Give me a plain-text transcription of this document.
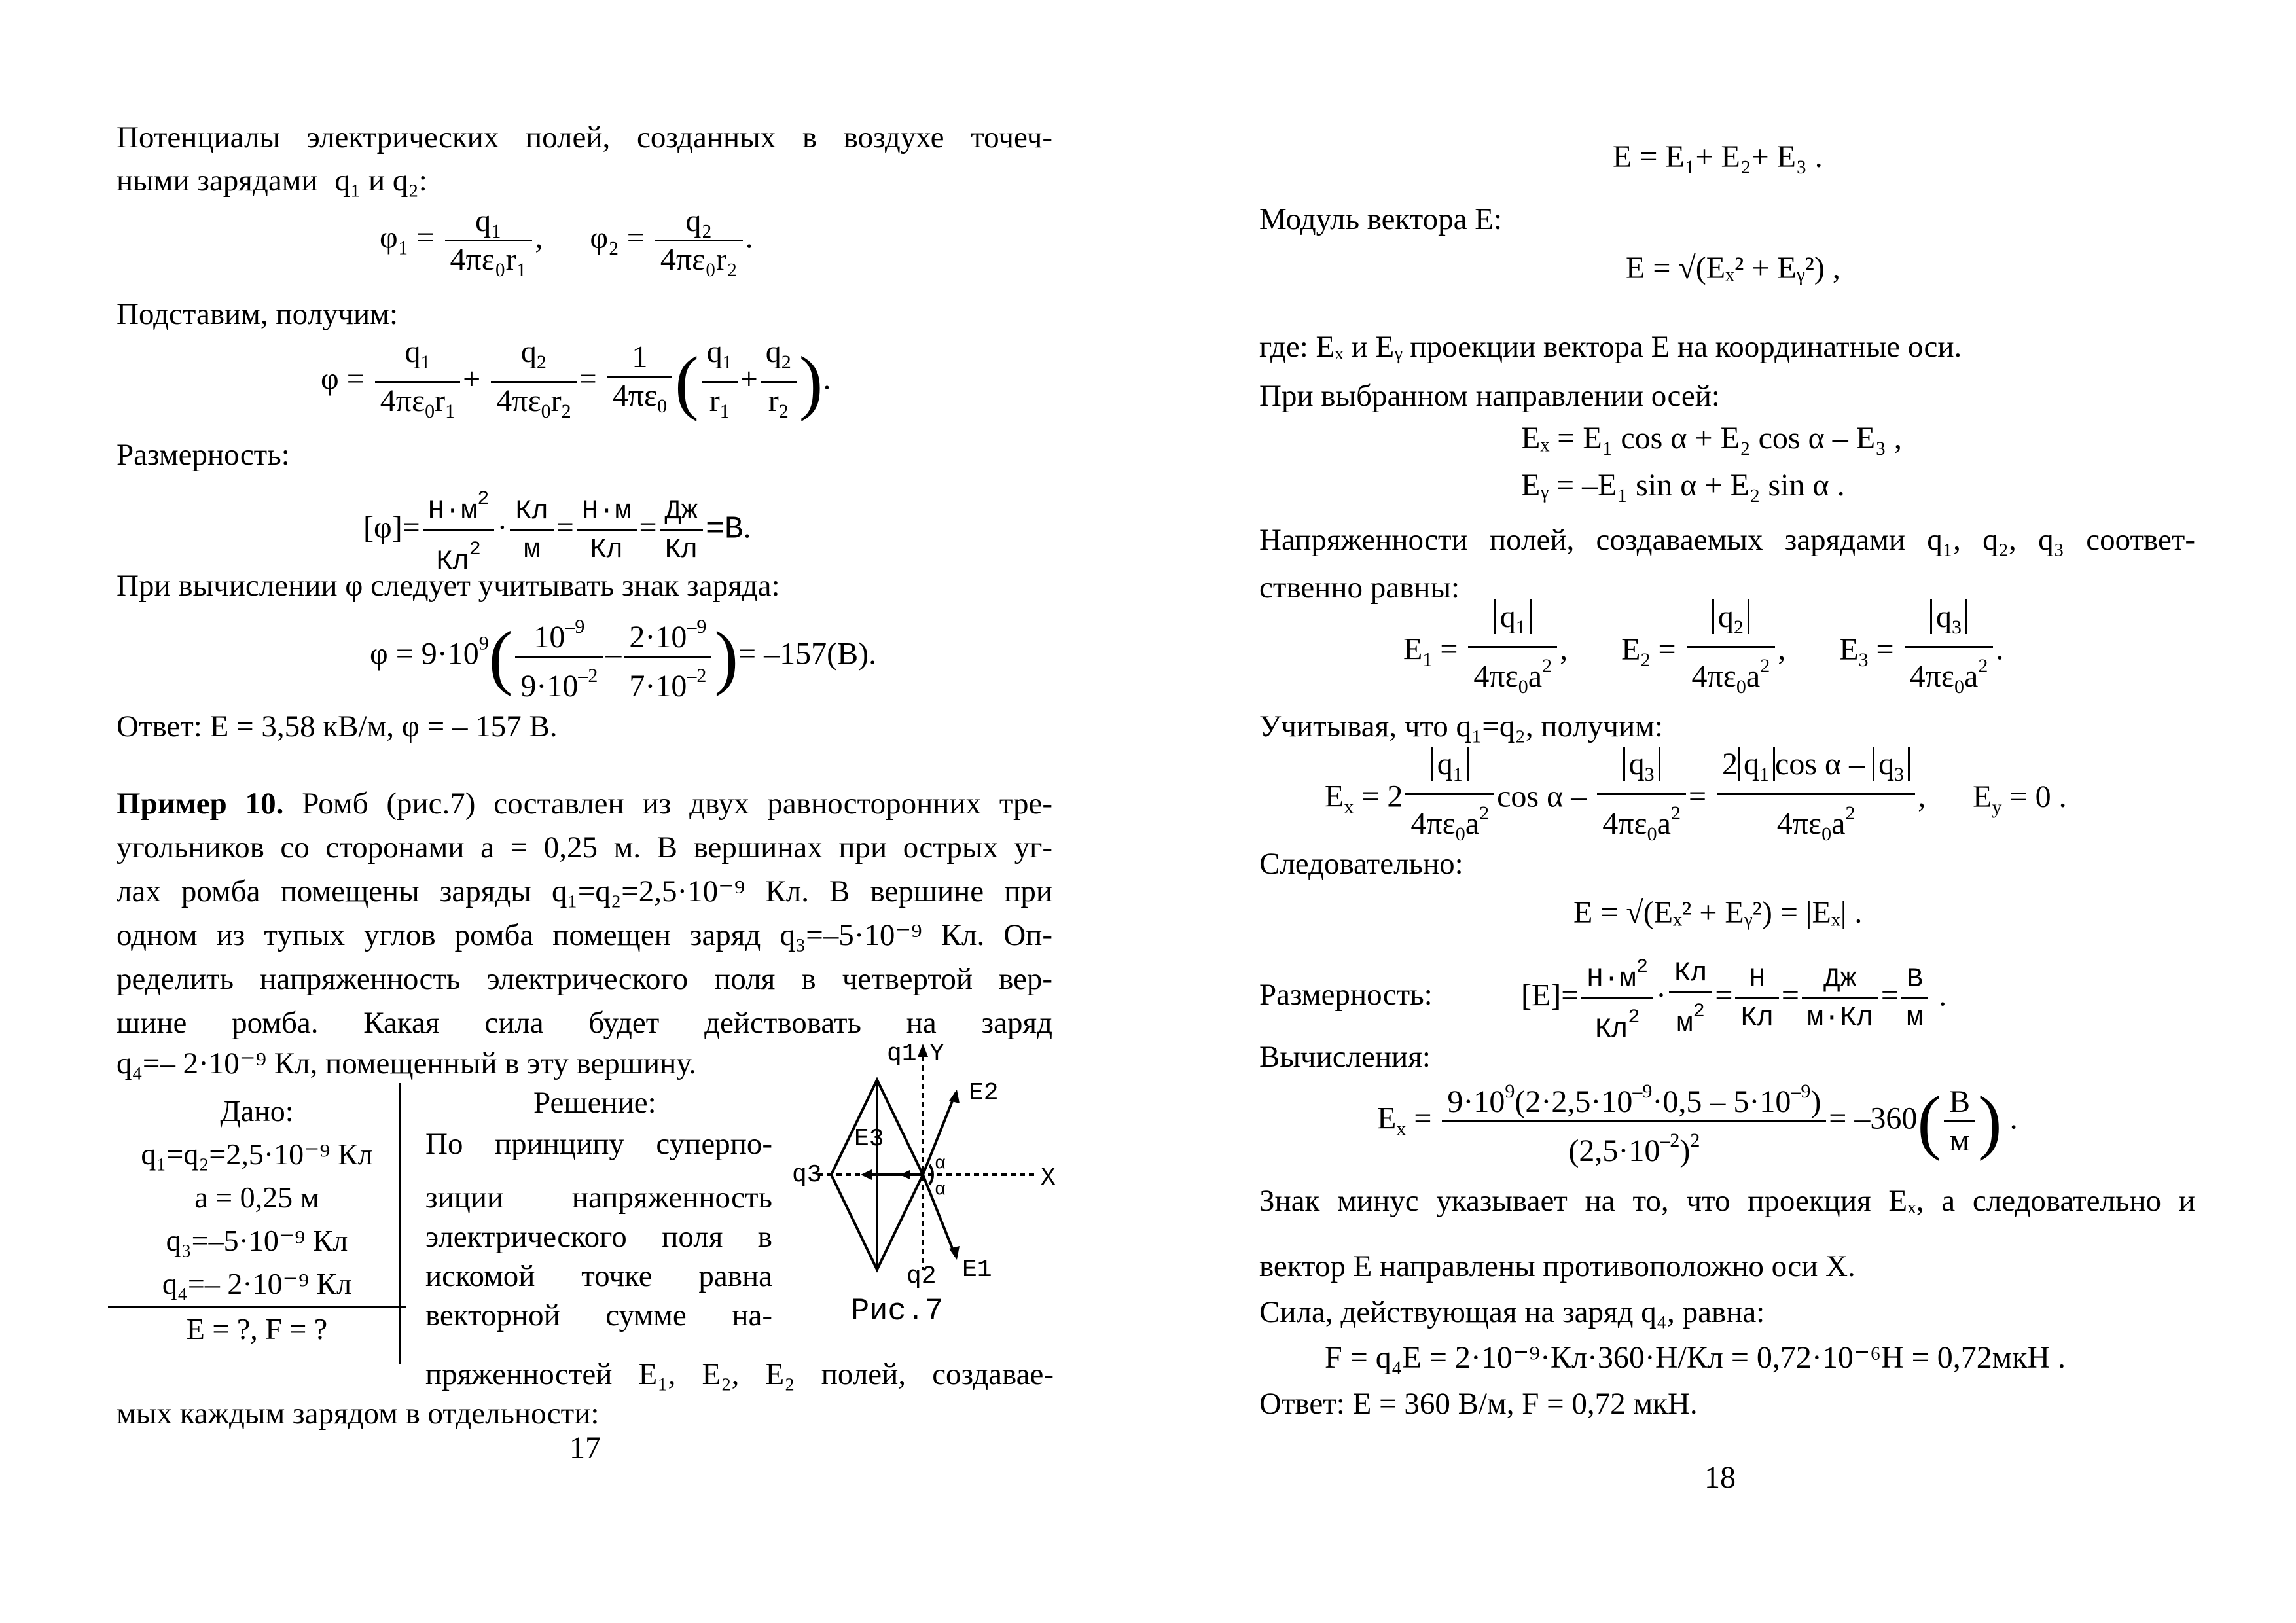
Потенциалы электрических полей, созданных в воздухе точеч-
ными зарядами q₁ и q₂:
$\varphi_1 = \frac{\text{q₁}}{\text{4πε₀r₁}}$ , $\varphi_2 = \frac{\text{q₂}}{\text{4πε₀r₂}}$ .
Подставим, получим:
$\varphi = \frac{q_1}{4\pi\varepsilon_0r_1} + \frac{q_2}{4\pi\varepsilon_0r_2} = \frac{1}{4\pi\varepsilon_0}$ ( $\frac{q_1}{r_1} + \frac{q_2}{r_2}$ ).
Размерность:
$[\varphi]= \frac{Н\cdot м^2}{Кл^2} \cdot \frac{Кл}{м} = \frac{Н\cdot м}{Кл} = \frac{Дж}{Кл} =В$.
При вычислении φ следует учитывать знак заряда:
$\varphi = 9\cdot 10^9( \frac{10^{-9}}{9\cdot 10^{-2}} - \frac{2\cdot 10^{-9}}{7\cdot 10^{-2}}$ )= –157(В).
Ответ: E = 3,58 кВ/м, φ = – 157 В.
Пример 10. Ромб (рис.7) составлен из двух равносторонних тре-
угольников со сторонами a = 0,25 м. В вершинах при острых уг-
лах ромба помещены заряды q₁=q₂=2,5·10⁻⁹ Кл. В вершине при
одном из тупых углов ромба помещен заряд q₃=–5·10⁻⁹ Кл. Оп-
ределить напряженность электрического поля в четвертой вер-
шине ромба. Какая сила будет действовать на заряд
q₄=– 2·10⁻⁹ Кл, помещенный в эту вершину.
Дано:
q₁=q₂=2,5·10⁻⁹ Кл
a = 0,25 м
q₃=–5·10⁻⁹ Кл
q₄=– 2·10⁻⁹ Кл
E = ?, F = ?
Решение:
По принципу суперпо-
зиции напряженность
электрического поля в
искомой точке равна
векторной сумме на-
пряженностей E₁, E₂, E₂ полей, создавае-
мых каждым зарядом в отдельности:
q1
q2
q3
Y
X
E2
E1
E3
α
α
Рис.7
17
E = E₁+ E₂+ E₃ .
Модуль вектора E:
E = √(Eₓ² + Eᵧ²) ,
где: Eₓ и Eᵧ проекции вектора E на координатные оси.
При выбранном направлении осей:
Eₓ = E₁ cos α + E₂ cos α – E₃ ,
Eᵧ = –E₁ sin α + E₂ sin α .
Напряженности полей, создаваемых зарядами q₁, q₂, q₃ соответ-
ственно равны:
$E_1 = \frac{q_1}{4\pi\varepsilon_0a^2}$ , $E_2 = \frac{q_2}{4\pi\varepsilon_0a^2}$ , $E_3 = \frac{q_3}{4\pi\varepsilon_0a^2}$ .
Учитывая, что q₁=q₂, получим:
$E_x = 2 \frac{q_1}{4\pi\varepsilon_0a^2}$ $\cos \alpha - \frac{q_3}{4\pi\varepsilon_0a^2} = \frac{2 q_1 \cos \alpha - q_3}{4\pi\varepsilon_0a^2}$ , $E_y = 0$ .
Следовательно:
E = √(Eₓ² + Eᵧ²) = |Eₓ| .
Размерность:	$[E]= \frac{Н\cdot м^2}{Кл^2} \cdot \frac{Кл}{м^2} = \frac{Н}{Кл} = \frac{Дж}{м\cdot Кл} = \frac{В}{м}$ .
Вычисления:
$E_x = \frac{9\cdot 10^9(2\cdot 2,5\cdot 10^{-9}\cdot 0,5 - 5\cdot 10^{-9})}{(2,5\cdot 10^{-2})^2} = -360( \frac{В}{м}$ ) .
Знак минус указывает на то, что проекция Eₓ, а следовательно и
вектор E направлены противоположно оси X.
Сила, действующая на заряд q₄, равна:
F = q₄E = 2·10⁻⁹·Кл·360·Н/Кл = 0,72·10⁻⁶Н = 0,72мкН .
Ответ: E = 360 В/м, F = 0,72 мкН.
18
